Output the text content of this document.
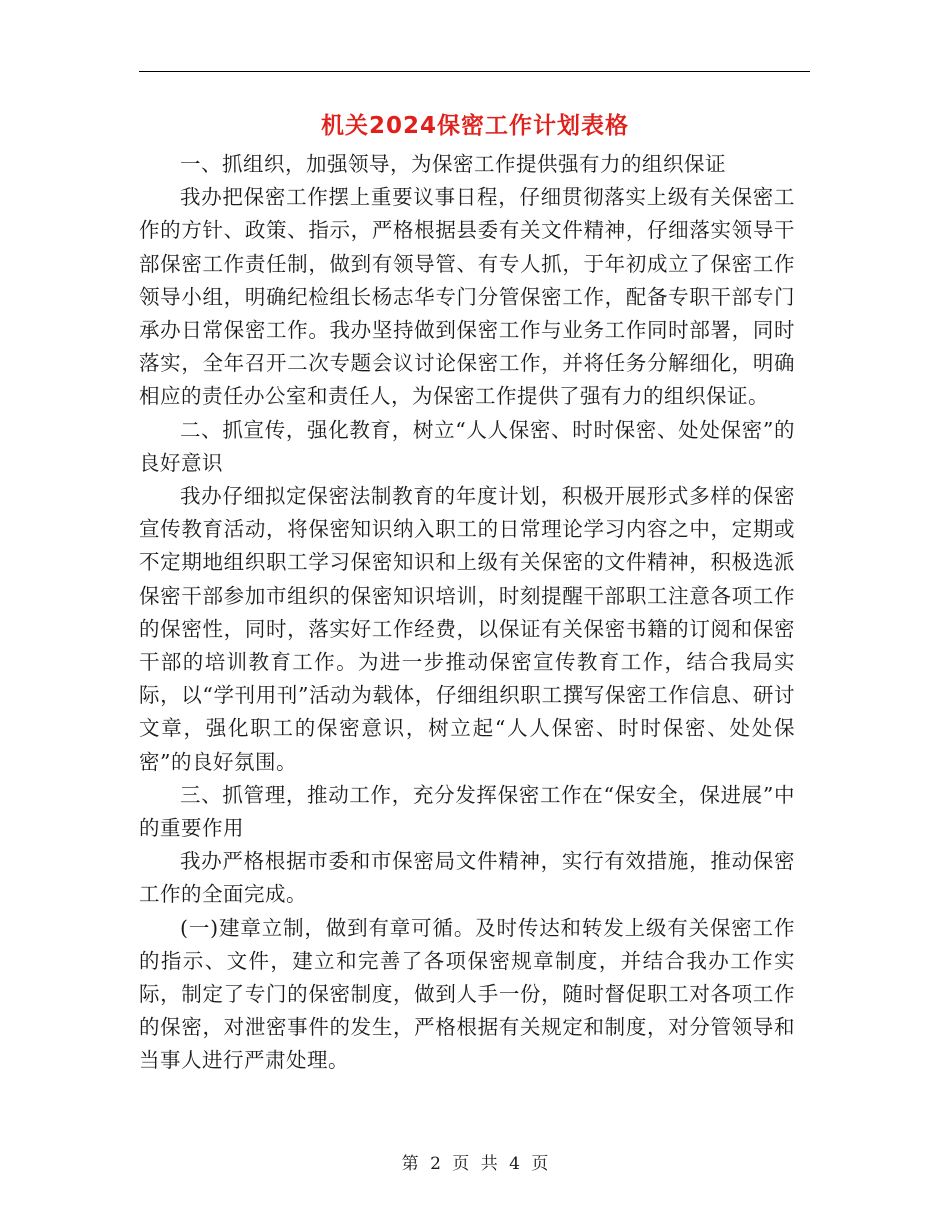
机关2024保密工作计划表格

一、抓组织，加强领导，为保密工作提供强有力的组织保证

我办把保密工作摆上重要议事日程，仔细贯彻落实上级有关保密工作的方针、政策、指示，严格根据县委有关文件精神，仔细落实领导干部保密工作责任制，做到有领导管、有专人抓，于年初成立了保密工作领导小组，明确纪检组长杨志华专门分管保密工作，配备专职干部专门承办日常保密工作。我办坚持做到保密工作与业务工作同时部署，同时落实，全年召开二次专题会议讨论保密工作，并将任务分解细化，明确相应的责任办公室和责任人，为保密工作提供了强有力的组织保证。

二、抓宣传，强化教育，树立“人人保密、时时保密、处处保密”的良好意识

我办仔细拟定保密法制教育的年度计划，积极开展形式多样的保密宣传教育活动，将保密知识纳入职工的日常理论学习内容之中，定期或不定期地组织职工学习保密知识和上级有关保密的文件精神，积极选派保密干部参加市组织的保密知识培训，时刻提醒干部职工注意各项工作的保密性，同时，落实好工作经费，以保证有关保密书籍的订阅和保密干部的培训教育工作。为进一步推动保密宣传教育工作，结合我局实际，以“学刊用刊”活动为载体，仔细组织职工撰写保密工作信息、研讨文章，强化职工的保密意识，树立起“人人保密、时时保密、处处保密”的良好氛围。

三、抓管理，推动工作，充分发挥保密工作在“保安全，保进展”中的重要作用

我办严格根据市委和市保密局文件精神，实行有效措施，推动保密工作的全面完成。

(一)建章立制，做到有章可循。及时传达和转发上级有关保密工作的指示、文件，建立和完善了各项保密规章制度，并结合我办工作实际，制定了专门的保密制度，做到人手一份，随时督促职工对各项工作的保密，对泄密事件的发生，严格根据有关规定和制度，对分管领导和当事人进行严肃处理。

第 2 页 共 4 页
